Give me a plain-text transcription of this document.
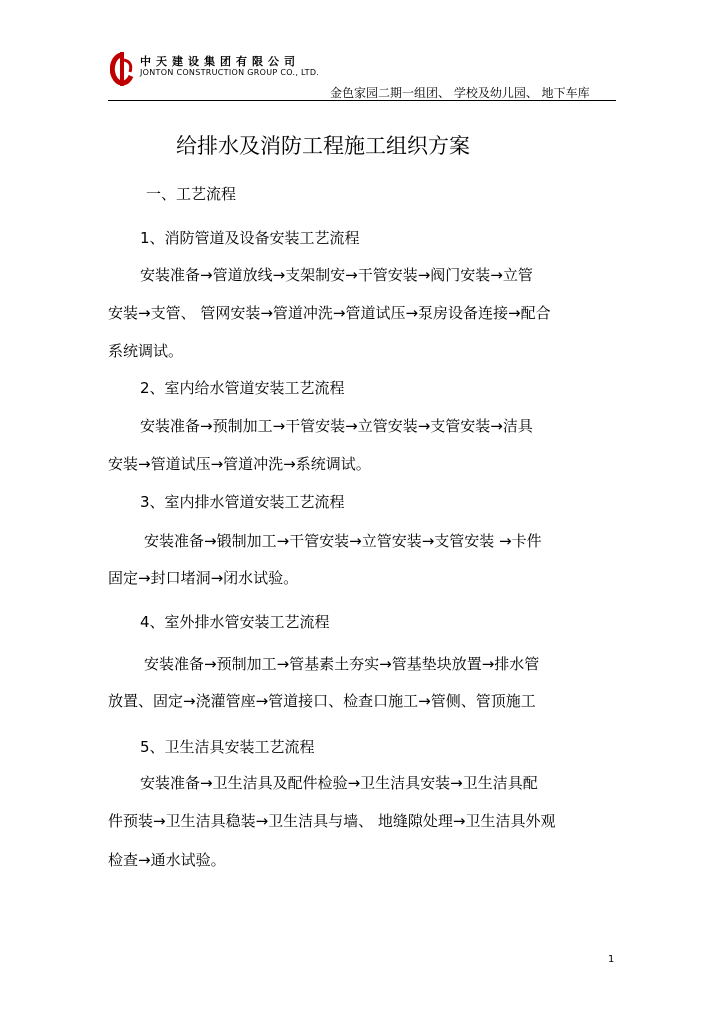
中天建设集团有限公司
JONTON CONSTRUCTION GROUP CO., LTD.
金色家园二期一组团、 学校及幼儿园、 地下车库
给排水及消防工程施工组织方案
一、工艺流程
1、消防管道及设备安装工艺流程
安装准备→管道放线→支架制安→干管安装→阀门安装→立管
安装→支管、 管网安装→管道冲洗→管道试压→泵房设备连接→配合
系统调试。
2、室内给水管道安装工艺流程
安装准备→预制加工→干管安装→立管安装→支管安装→洁具
安装→管道试压→管道冲洗→系统调试。
3、室内排水管道安装工艺流程
安装准备→锻制加工→干管安装→立管安装→支管安装 →卡件
固定→封口堵洞→闭水试验。
4、室外排水管安装工艺流程
安装准备→预制加工→管基素土夯实→管基垫块放置→排水管
放置、固定→浇灌管座→管道接口、检查口施工→管侧、管顶施工
5、卫生洁具安装工艺流程
安装准备→卫生洁具及配件检验→卫生洁具安装→卫生洁具配
件预装→卫生洁具稳装→卫生洁具与墙、 地缝隙处理→卫生洁具外观
检查→通水试验。
1
